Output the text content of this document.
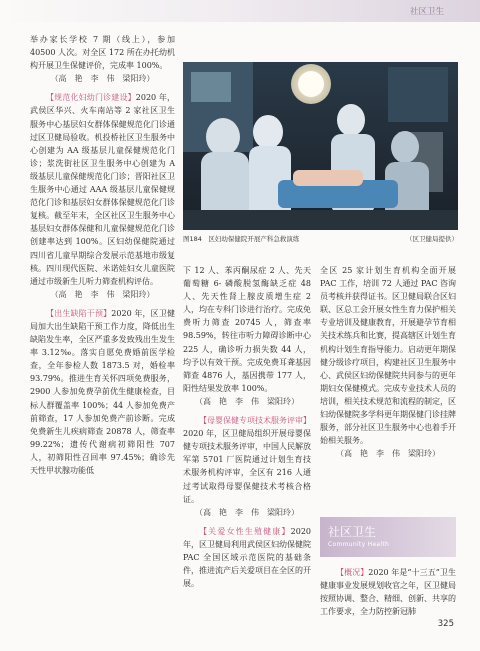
社区卫生

举办家长学校 7 期（线上），参加 40500 人次。对全区 172 所在办托幼机构开展卫生保健评价，完成率 100%。

（高　艳　李　伟　梁阳玲）

【规范化妇幼门诊建设】2020 年，武侯区华兴、火车南站等 2 家社区卫生服务中心基层妇女群体保健规范化门诊通过区卫健局验收。机投桥社区卫生服务中心创建为 AA 级基层儿童保健规范化门诊；浆洗街社区卫生服务中心创建为 A 级基层儿童保健规范化门诊；晋阳社区卫生服务中心通过 AAA 级基层儿童保健规范化门诊和基层妇女群体保健规范化门诊复核。截至年末，全区社区卫生服务中心基层妇女群体保健和儿童保健规范化门诊创建率达到 100%。区妇幼保健院通过四川省儿童早期综合发展示范基地市级复核。四川现代医院、米诺娃妇女儿童医院通过市级新生儿听力筛查机构评估。

（高　艳　李　伟　梁阳玲）

【出生缺陷干预】2020 年，区卫健局加大出生缺陷干预工作力度，降低出生缺陷发生率，全区严重多发致残出生发生率 3.12‰。落实自愿免费婚前医学检查，全年参检人数 1873.5 对，婚检率 93.79%。推进生育关怀四项免费服务，2900 人参加免费孕前优生健康检查，目标人群覆盖率 100%；44 人参加免费产前筛查，17 人参加免费产前诊断。完成免费新生儿疾病筛查 20878 人，筛查率 99.22%；遗传代谢病初筛阳性 707 人，初筛阳性召回率 97.45%；确诊先天性甲状腺功能低

图184　区妇幼保健院开展产科急救演练	（区卫健局提供）

下 12 人、苯丙酮尿症 2 人、先天葡萄糖 6- 磷酸脱氢酶缺乏症 48 人、先天性肾上腺皮质增生症 2 人，均在专科门诊进行治疗。完成免费听力筛查 20745 人，筛查率 98.59%，转往市听力障碍诊断中心 225 人，确诊听力损失数 44 人，均予以有效干预。完成免费耳聋基因筛查 4876 人，基因携带 177 人，阳性结果发放率 100%。

（高　艳　李　伟　梁阳玲）

【母婴保健专项技术服务评审】2020 年，区卫健局组织开展母婴保健专项技术服务评审，中国人民解放军第 5701 厂医院通过计划生育技术服务机构评审，全区有 216 人通过考试取得母婴保健技术考核合格证。

（高　艳　李　伟　梁阳玲）

【关爱女性生殖健康】2020 年，区卫健局利用武侯区妇幼保健院 PAC 全国区域示范医院的基础条件，推进流产后关爱项目在全区的开展。

全区 25 家计划生育机构全面开展 PAC 工作，培训 72 人通过 PAC 咨询员考核并获得证书。区卫健局联合区妇联、区总工会开展女性生育力保护相关专业培训及健康教育，开展避孕节育相关技术练兵和比赛，提高辖区计划生育机构计划生育指导能力。启动更年期保健分级诊疗项目，构建社区卫生服务中心、武侯区妇幼保健院共同参与的更年期妇女保健模式。完成专业技术人员的培训，相关技术规范和流程的制定，区妇幼保健院多学科更年期保健门诊挂牌服务，部分社区卫生服务中心也着手开始相关服务。

（高　艳　李　伟　梁阳玲）

社区卫生
Community Health

【概况】2020 年是“十三五”卫生健康事业发展规划收官之年，区卫健局按照协调、整合、精细、创新、共享的工作要求，全力防控新冠肺

325
